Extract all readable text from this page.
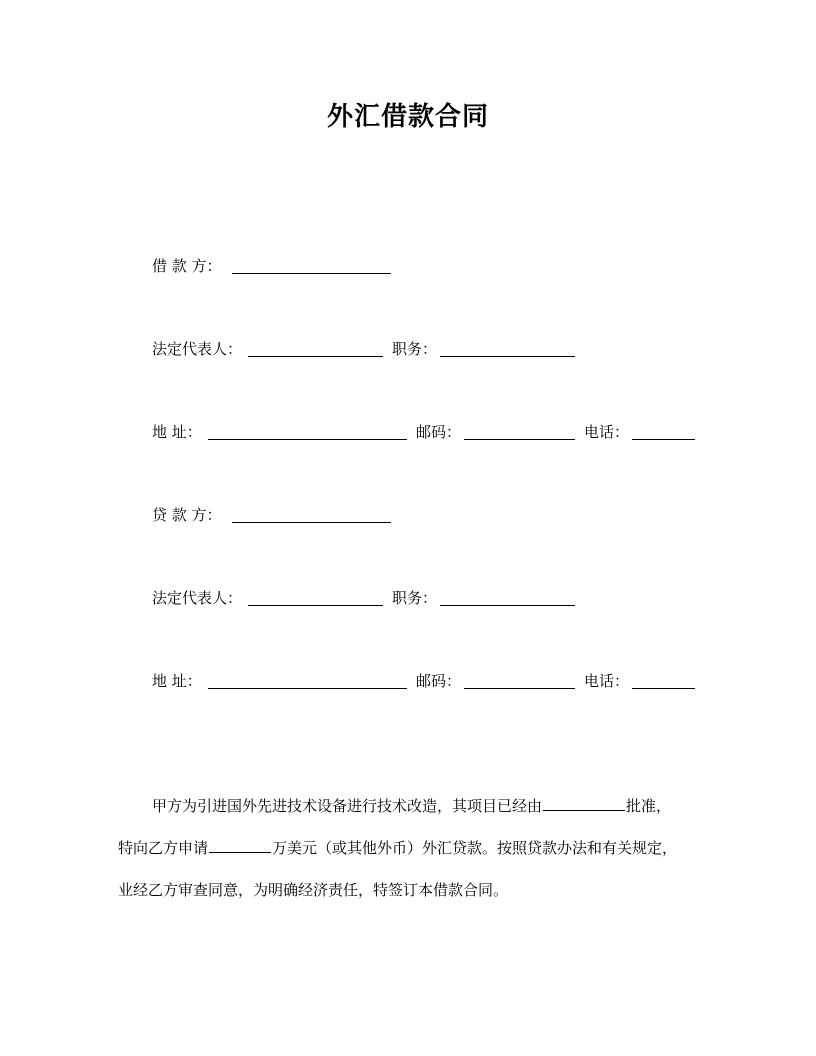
外汇借款合同
借 款 方：
法定代表人：	职务：
地 址：	邮码：	电话：
贷 款 方：
法定代表人：	职务：
地 址：	邮码：	电话：
甲方为引进国外先进技术设备进行技术改造，其项目已经由	批准，
特向乙方申请	万美元（或其他外币）外汇贷款。按照贷款办法和有关规定，
业经乙方审查同意，为明确经济责任，特签订本借款合同。
